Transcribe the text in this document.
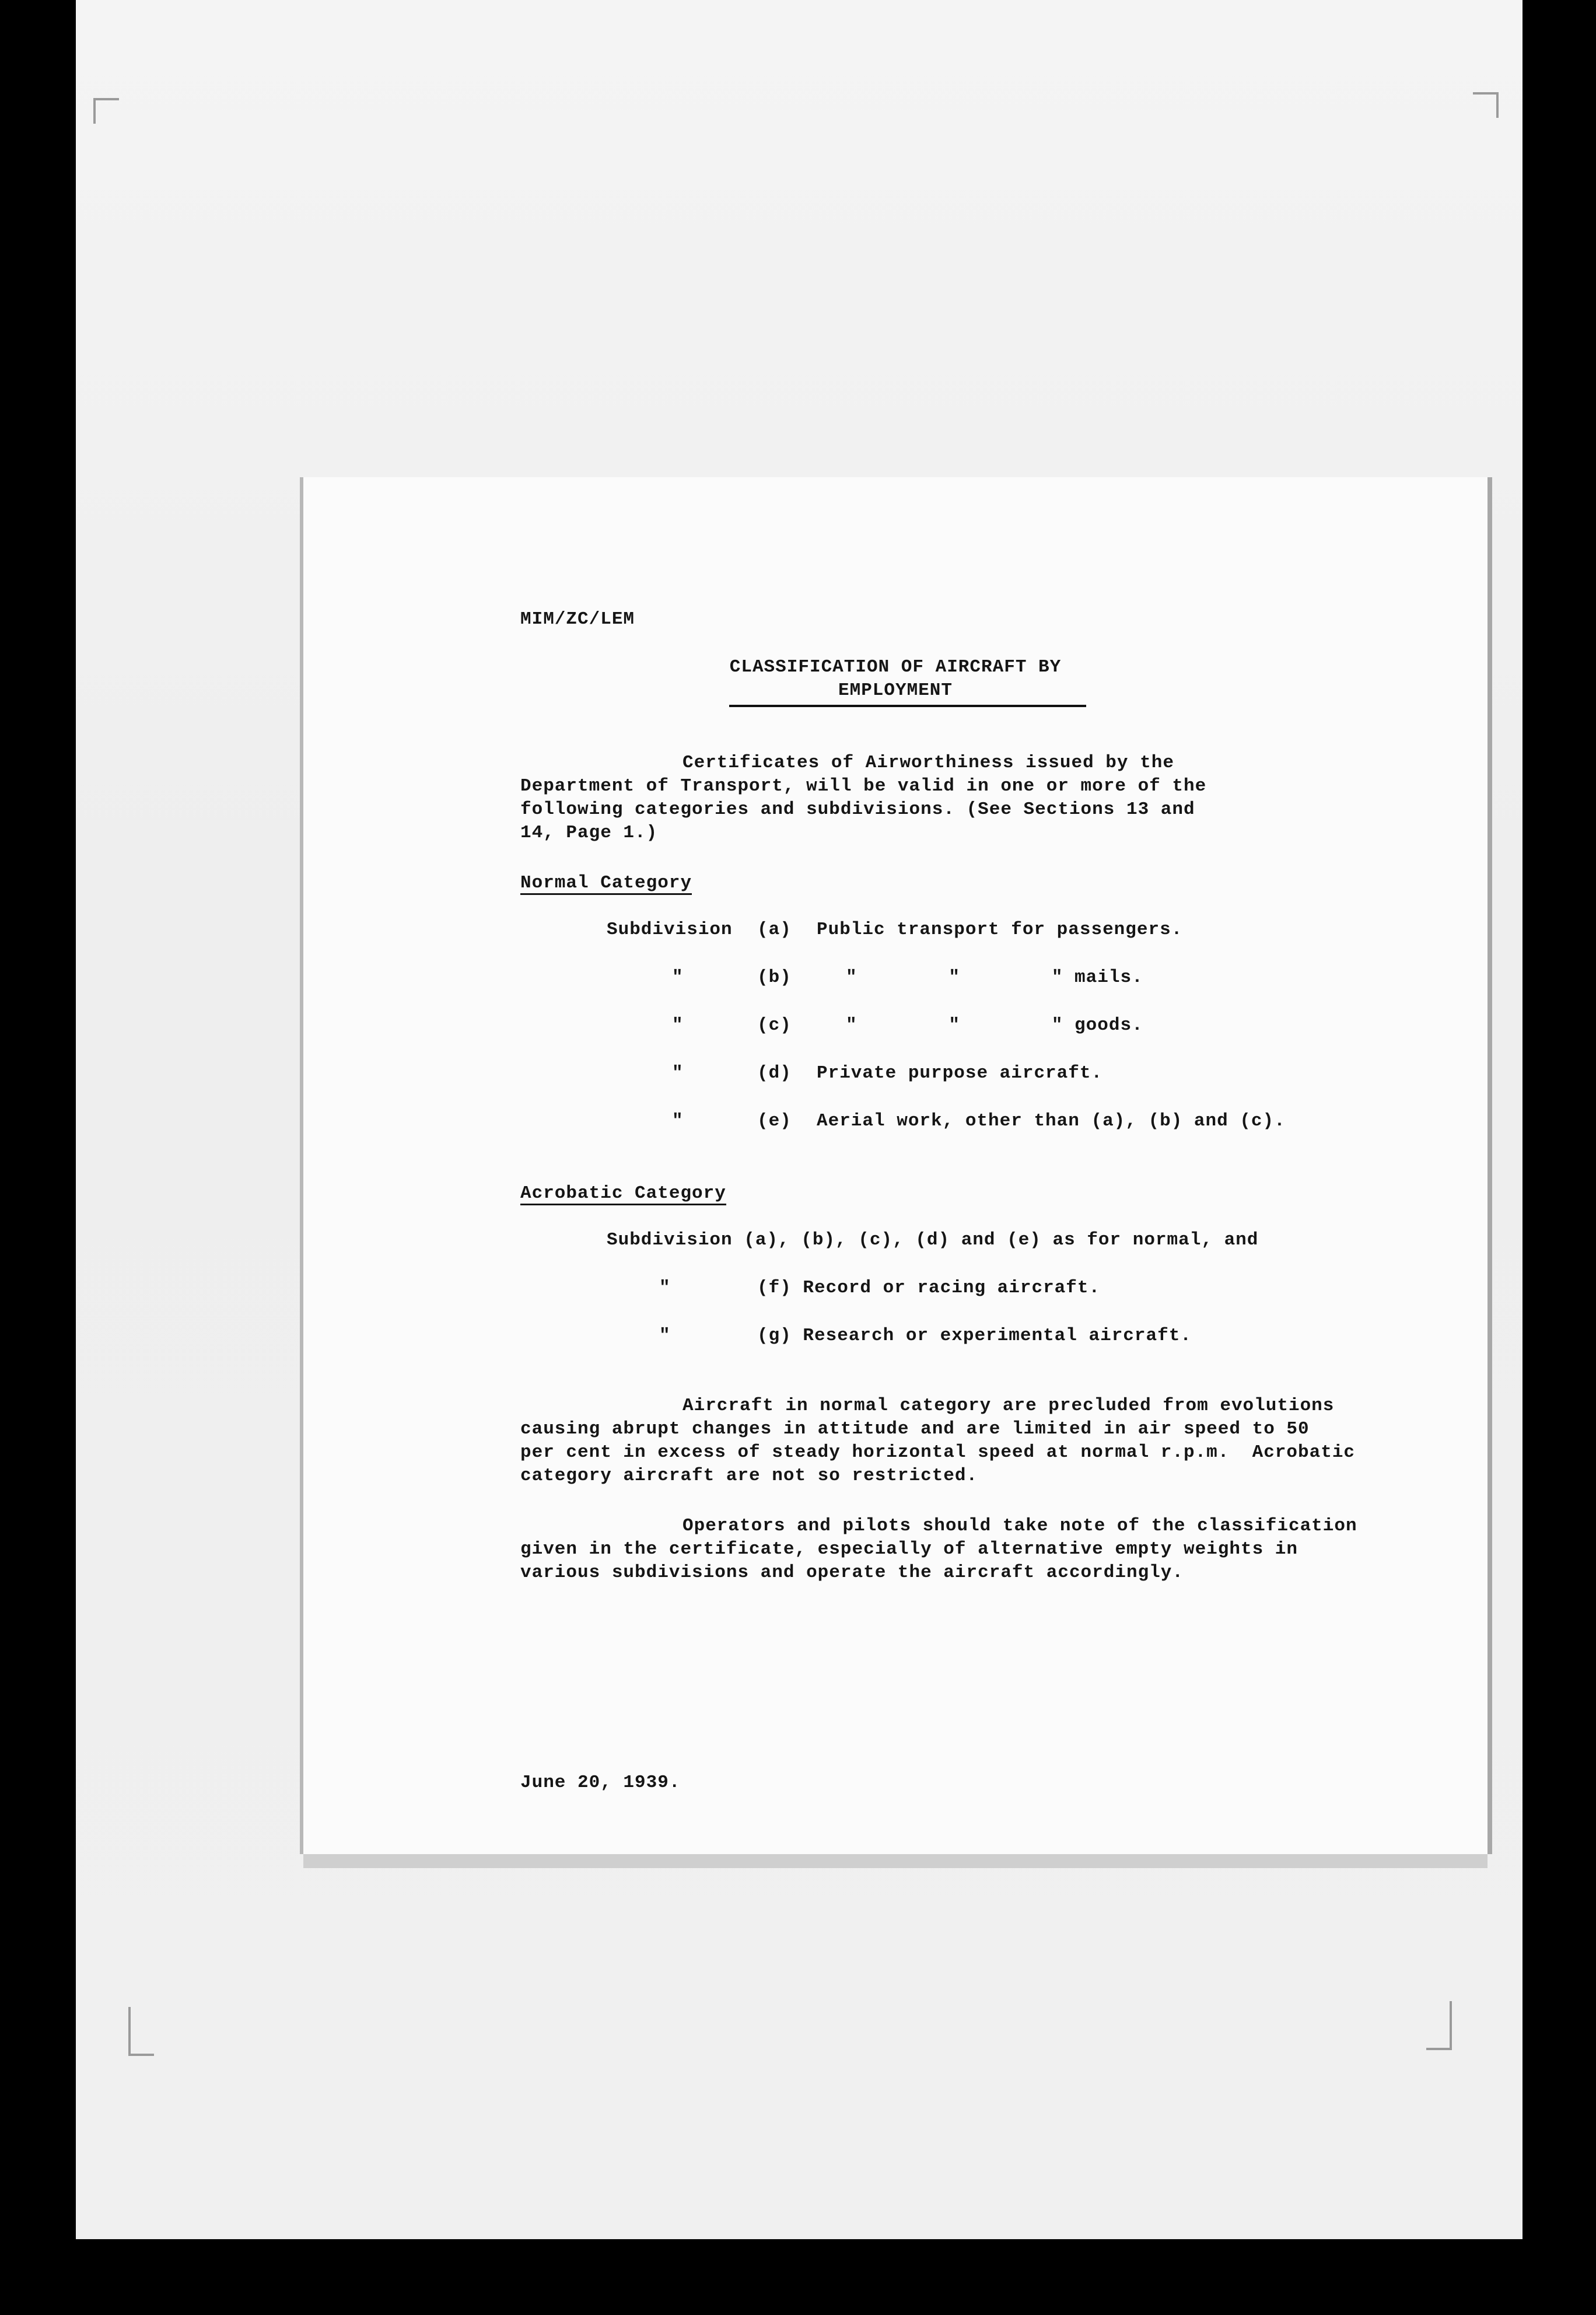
MIM/ZC/LEM
CLASSIFICATION OF AIRCRAFT BY
EMPLOYMENT
Certificates of Airworthiness issued by the
Department of Transport, will be valid in one or more of the
following categories and subdivisions. (See Sections 13 and
14, Page 1.)
Normal Category
Subdivision (a) Public transport for passengers.
"	(b)	"        "        " mails.
"	(c)	"        "        " goods.
"	(d) Private purpose aircraft.
"	(e) Aerial work, other than (a), (b) and (c).
Acrobatic Category
Subdivision (a), (b), (c), (d) and (e) as for normal, and
"	(f) Record or racing aircraft.
"	(g) Research or experimental aircraft.
Aircraft in normal category are precluded from evolutions
causing abrupt changes in attitude and are limited in air speed to 50
per cent in excess of steady horizontal speed at normal r.p.m.  Acrobatic
category aircraft are not so restricted.
Operators and pilots should take note of the classification
given in the certificate, especially of alternative empty weights in
various subdivisions and operate the aircraft accordingly.
June 20, 1939.
